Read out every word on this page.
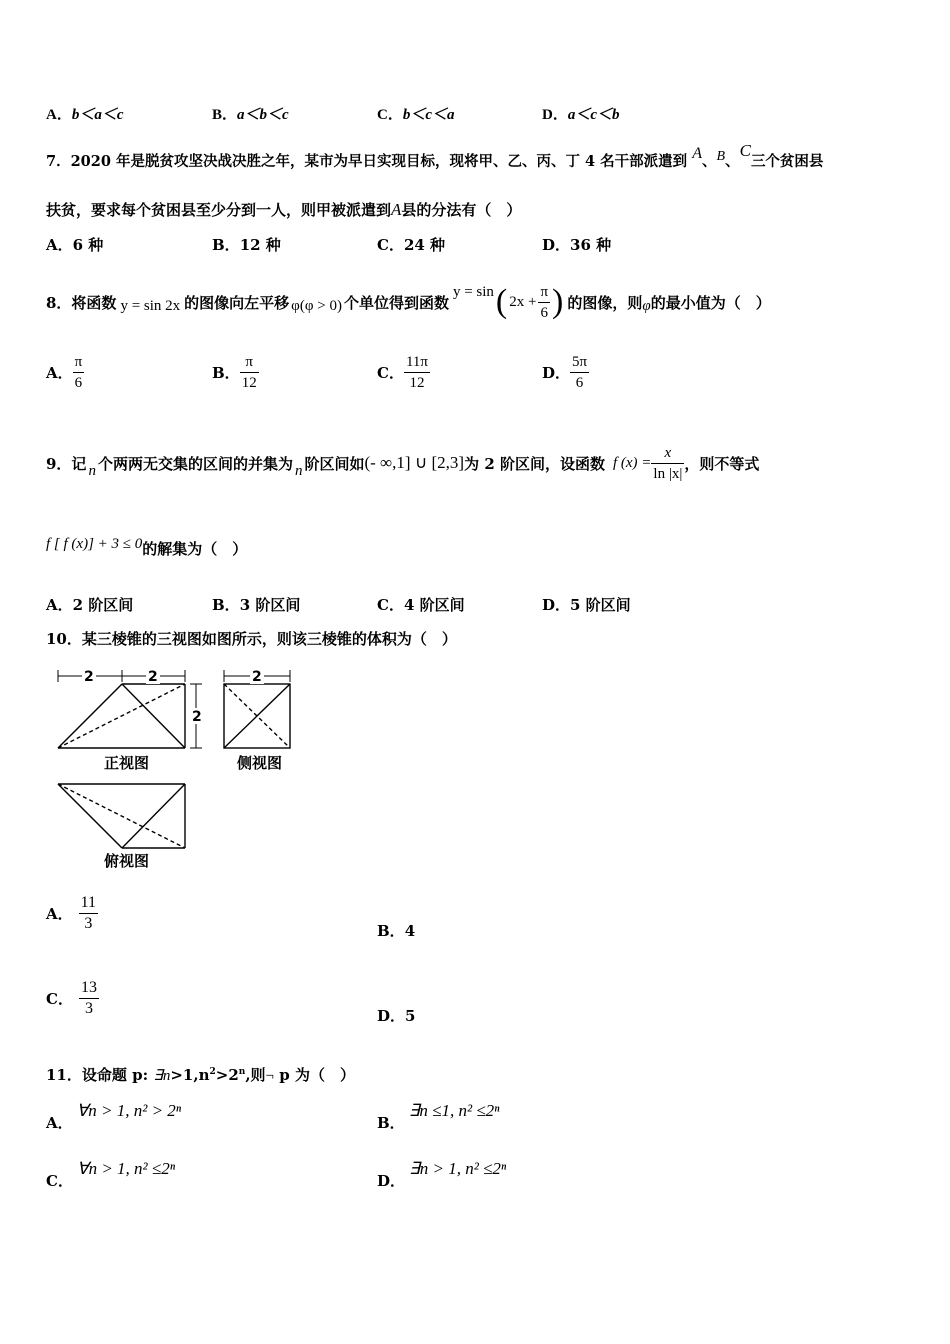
A．b＜a＜c	B．a＜b＜c	C．b＜c＜a	D．a＜c＜b
7．2020 年是脱贫攻坚决战决胜之年，某市为早日实现目标，现将甲、乙、丙、丁 4 名干部派遣到 A、B、C三个贫困县
扶贫，要求每个贫困县至少分到一人，则甲被派遣到A县的分法有（　）
A．6 种	B．12 种	C．24 种	D．36 种
8．将函数 y = sin 2x 的图像向左平移 φ(φ > 0) 个单位得到函数
y = sin ( $2x + \frac{\pi}{6}$ ) 的图像，则 φ 的最小值为（　）
A． $\frac{\pi}{6}$	B． $\frac{\pi}{12}$	C． $\frac{11\pi}{12}$	D． $\frac{5\pi}{6}$
9．记 n 个两两无交集的区间的并集为 n 阶区间如 (- ∞,1] ∪ [2,3] 为 2 阶区间，设函数 f $(x) = \frac{x}{\ln |x|}$ ，则不等式
f [ f (x)] + 3 ≤ 0的解集为（　）
A．2 阶区间	B．3 阶区间	C．4 阶区间	D．5 阶区间
10．某三棱锥的三视图如图所示，则该三棱锥的体积为（　）
2	2
2
2
正视图	侧视图
俯视图
A． $\frac{11}{3}$	B．4
C． $\frac{13}{3}$	D．5
11．设命题 p: $\exists n>1,n^2>2^n$,则¬ p 为（　）
A．∀n > 1, n² > 2ⁿ
B．∃n ≤1, n² ≤2ⁿ
C．∀n > 1, n² ≤2ⁿ
D．∃n > 1, n² ≤2ⁿ
